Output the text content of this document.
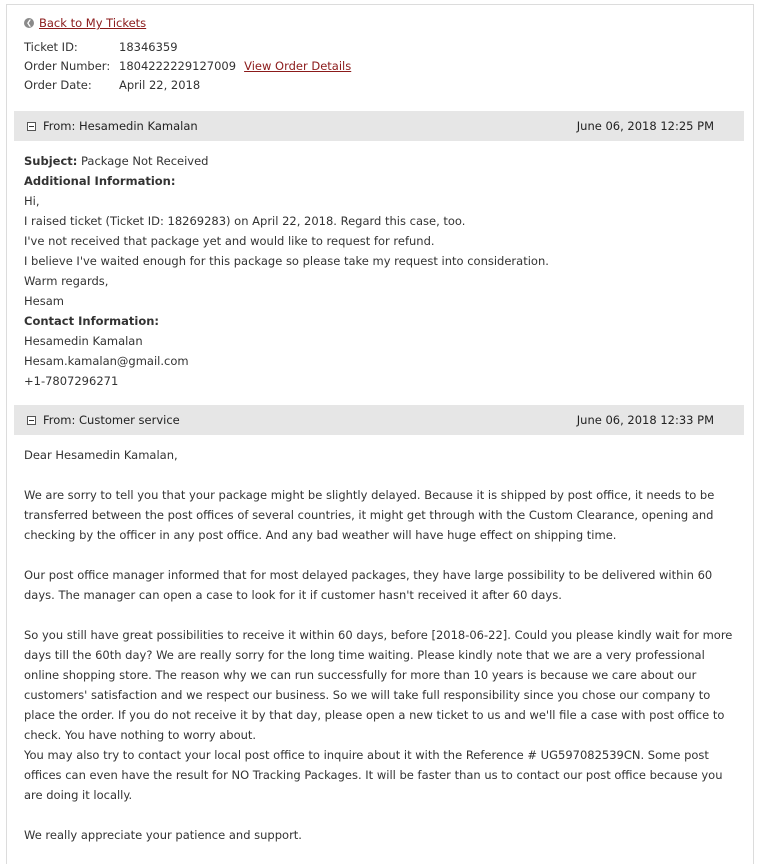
❮ Back to My Tickets
Ticket ID:	18346359
Order Number: 1804222229127009 View Order Details
Order Date:	April 22, 2018
From: Hesamedin Kamalan	June 06, 2018 12:25 PM
Subject: Package Not Received
Additional Information:
Hi,
I raised ticket (Ticket ID: 18269283) on April 22, 2018. Regard this case, too.
I've not received that package yet and would like to request for refund.
I believe I've waited enough for this package so please take my request into consideration.
Warm regards,
Hesam
Contact Information:
Hesamedin Kamalan
Hesam.kamalan@gmail.com
+1-7807296271
From: Customer service	June 06, 2018 12:33 PM

Dear Hesamedin Kamalan,

We are sorry to tell you that your package might be slightly delayed. Because it is shipped by post office, it needs to be transferred between the post offices of several countries, it might get through with the Custom Clearance, opening and checking by the officer in any post office. And any bad weather will have huge effect on shipping time.

Our post office manager informed that for most delayed packages, they have large possibility to be delivered within 60 days. The manager can open a case to look for it if customer hasn't received it after 60 days.

So you still have great possibilities to receive it within 60 days, before [2018-06-22]. Could you please kindly wait for more days till the 60th day? We are really sorry for the long time waiting. Please kindly note that we are a very professional online shopping store. The reason why we can run successfully for more than 10 years is because we care about our customers' satisfaction and we respect our business. So we will take full responsibility since you chose our company to place the order. If you do not receive it by that day, please open a new ticket to us and we'll file a case with post office to check. You have nothing to worry about.

You may also try to contact your local post office to inquire about it with the Reference # UG597082539CN. Some post offices can even have the result for NO Tracking Packages. It will be faster than us to contact our post office because you are doing it locally.

We really appreciate your patience and support.
